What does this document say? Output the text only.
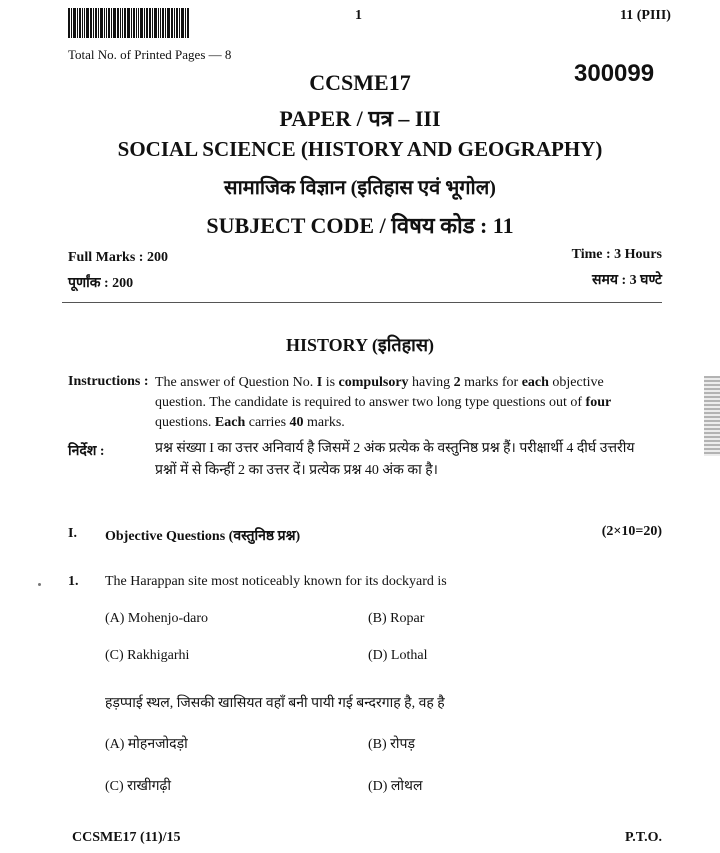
1	11 (PIII)
Total No. of Printed Pages — 8
300099
CCSME17
PAPER / पत्र – III
SOCIAL SCIENCE (HISTORY AND GEOGRAPHY)
सामाजिक विज्ञान (इतिहास एवं भूगोल)
SUBJECT CODE / विषय कोड : 11
Full Marks : 200
पूर्णांक : 200
Time : 3 Hours
समय : 3 घण्टे
HISTORY (इतिहास)
Instructions : The answer of Question No. I is compulsory having 2 marks for each objective question. The candidate is required to answer two long type questions out of four questions. Each carries 40 marks.
निर्देश :	प्रश्न संख्या I का उत्तर अनिवार्य है जिसमें 2 अंक प्रत्येक के वस्तुनिष्ठ प्रश्न हैं। परीक्षार्थी 4 दीर्घ उत्तरीय प्रश्नों में से किन्हीं 2 का उत्तर दें। प्रत्येक प्रश्न 40 अंक का है।
I. Objective Questions (वस्तुनिष्ठ प्रश्न)	(2×10=20)
1. The Harappan site most noticeably known for its dockyard is
(A) Mohenjo-daro	(B) Ropar
(C) Rakhigarhi	(D) Lothal
हड़प्पाई स्थल, जिसकी खासियत वहाँ बनी पायी गई बन्दरगाह है, वह है
(A) मोहनजोदड़ो	(B) रोपड़
(C) राखीगढ़ी	(D) लोथल
CCSME17 (11)/15	P.T.O.
